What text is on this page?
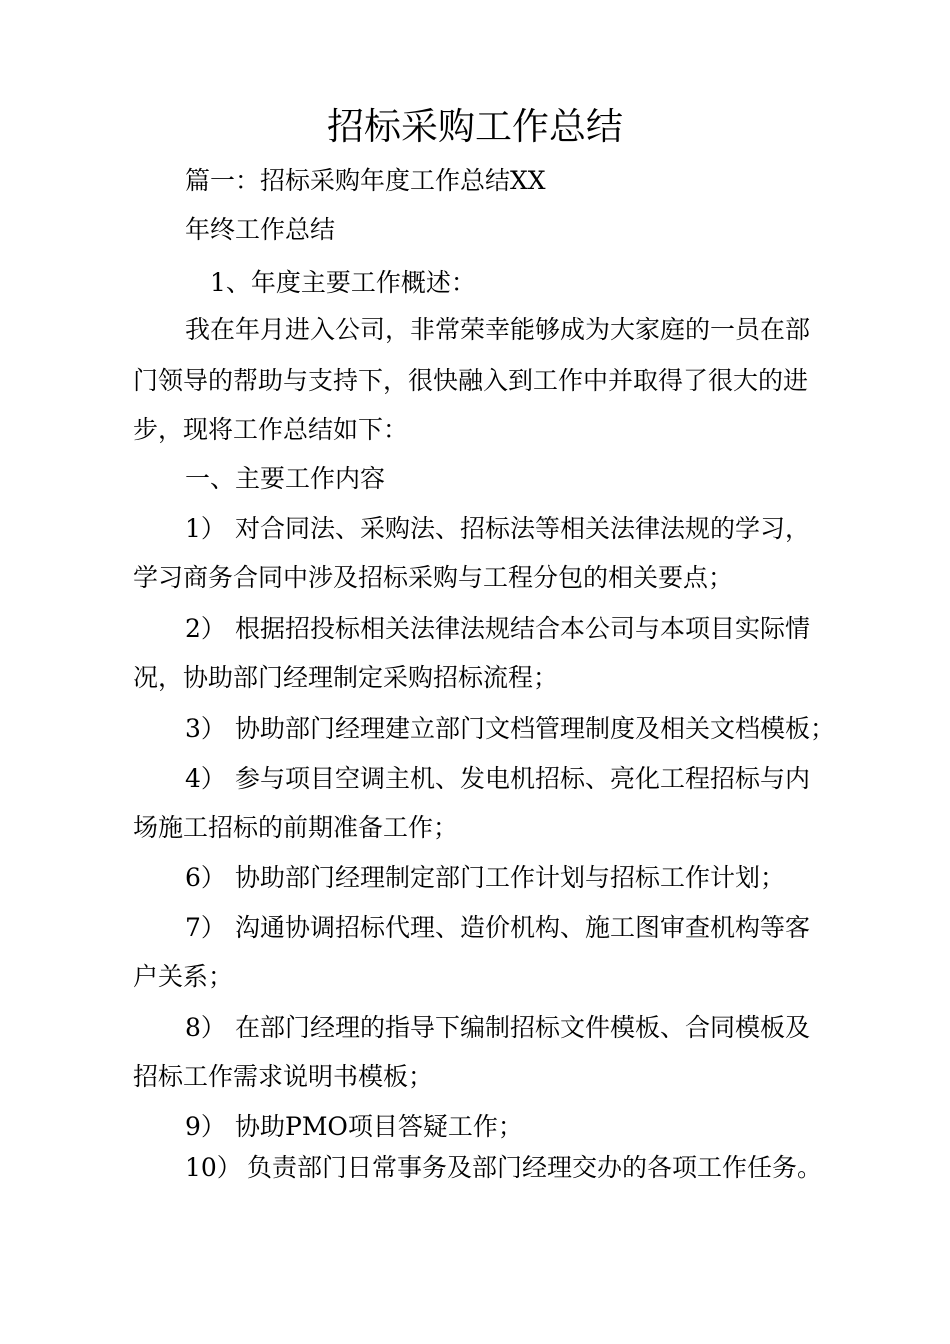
招标采购工作总结
篇一：招标采购年度工作总结XX
年终工作总结
1、年度主要工作概述：
我在年月进入公司，非常荣幸能够成为大家庭的一员在部
门领导的帮助与支持下，很快融入到工作中并取得了很大的进
步，现将工作总结如下：
一、主要工作内容
1） 对合同法、采购法、招标法等相关法律法规的学习，
学习商务合同中涉及招标采购与工程分包的相关要点；
2） 根据招投标相关法律法规结合本公司与本项目实际情
况，协助部门经理制定采购招标流程；
3） 协助部门经理建立部门文档管理制度及相关文档模板；
4） 参与项目空调主机、发电机招标、亮化工程招标与内
场施工招标的前期准备工作；
6） 协助部门经理制定部门工作计划与招标工作计划；
7） 沟通协调招标代理、造价机构、施工图审查机构等客
户关系；
8） 在部门经理的指导下编制招标文件模板、合同模板及
招标工作需求说明书模板；
9） 协助PMO项目答疑工作；
10） 负责部门日常事务及部门经理交办的各项工作任务。
